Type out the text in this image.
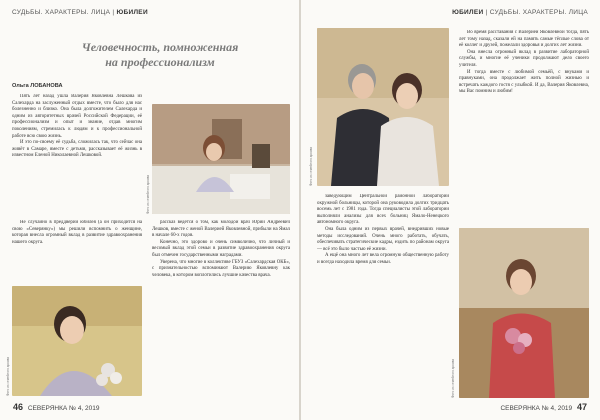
СУДЬБЫ. ХАРАКТЕРЫ. ЛИЦА | ЮБИЛЕИ
Человечность, помноженная
на профессионализм
Ольга ЛОБАНОВА

Пять лет назад ушла Валерия Яковлевна Лешкова из Салехарда на заслуженный отдых вместе, что было для нас болезненно и близко. Она была долгожителем Салехарда и одним из авторитетных врачей Российской Федерации, её профессионализм и опыт и знание, отдав многим поколениям, стремилась к людям и к профессиональной работе всю свою жизнь.

И это по-своему её судьба, сложилась так, что сейчас она живёт в Самаре, вместе с детьми, рассказывает её жизнь в известном Еленой Николаевной Лешковой.

Не случайно в преддверии юбилея (а он приходится на свою «Северянку») мы решили вспомнить о женщине, которая внесла огромный вклад в развитие здравоохранения нашего округа.

Фото из семейного архива
Фото из семейного архива

рассказ ведётся о том, как молодой врач Юрий Андреевич Лешков, вместе с женой Валерией Яковлевной, прибыли на Ямал в начале 60-х годов.

Конечно, это здорово и очень символично, что личный и весомый вклад этой семьи в развитие здравоохранения округа был отмечен государственными наградами.

Уверена, что многие в коллективе ГБУЗ «Салехардская ОКБ», с признательностью вспоминают Валерию Яковлевну как человека, в котором воплотились лучшие качества врача.

46 СЕВЕРЯНКА № 4, 2019
ЮБИЛЕИ | СУДЬБЫ. ХАРАКТЕРЫ. ЛИЦА
Фото из семейного архива

Во время расставания с Валерией Яковлевной тогда, пять лет тому назад, сказали ей на память самые тёплые слова от её коллег и друзей, пожелали здоровья и долгих лет жизни.

Она внесла огромный вклад в развитие лабораторной службы, и многие её ученики продолжают дело своего учителя.

И тогда вместе с любимой семьёй, с внуками и правнуками, она продолжает жить полной жизнью и встречать каждого гостя с улыбкой. И да, Валерия Яковлевна, мы Вас помним и любим!

Фото из семейного архива

заведующим Центральной районной лаборатории окружной больницы, которой она руководила долгих тридцать восемь лет с 1981 года. Тогда специалисты этой лаборатории выполняли анализы для всех больниц Ямало-Ненецкого автономного округа.

Она была одним из первых врачей, внедривших новые методы исследований. Очень много работать, обучать, обеспечивать стратегические кадры, ездить по районам округа — всё это было частью её жизни.

А ещё она много лет вела огромную общественную работу и всегда находила время для семьи.

СЕВЕРЯНКА № 4, 2019 47
